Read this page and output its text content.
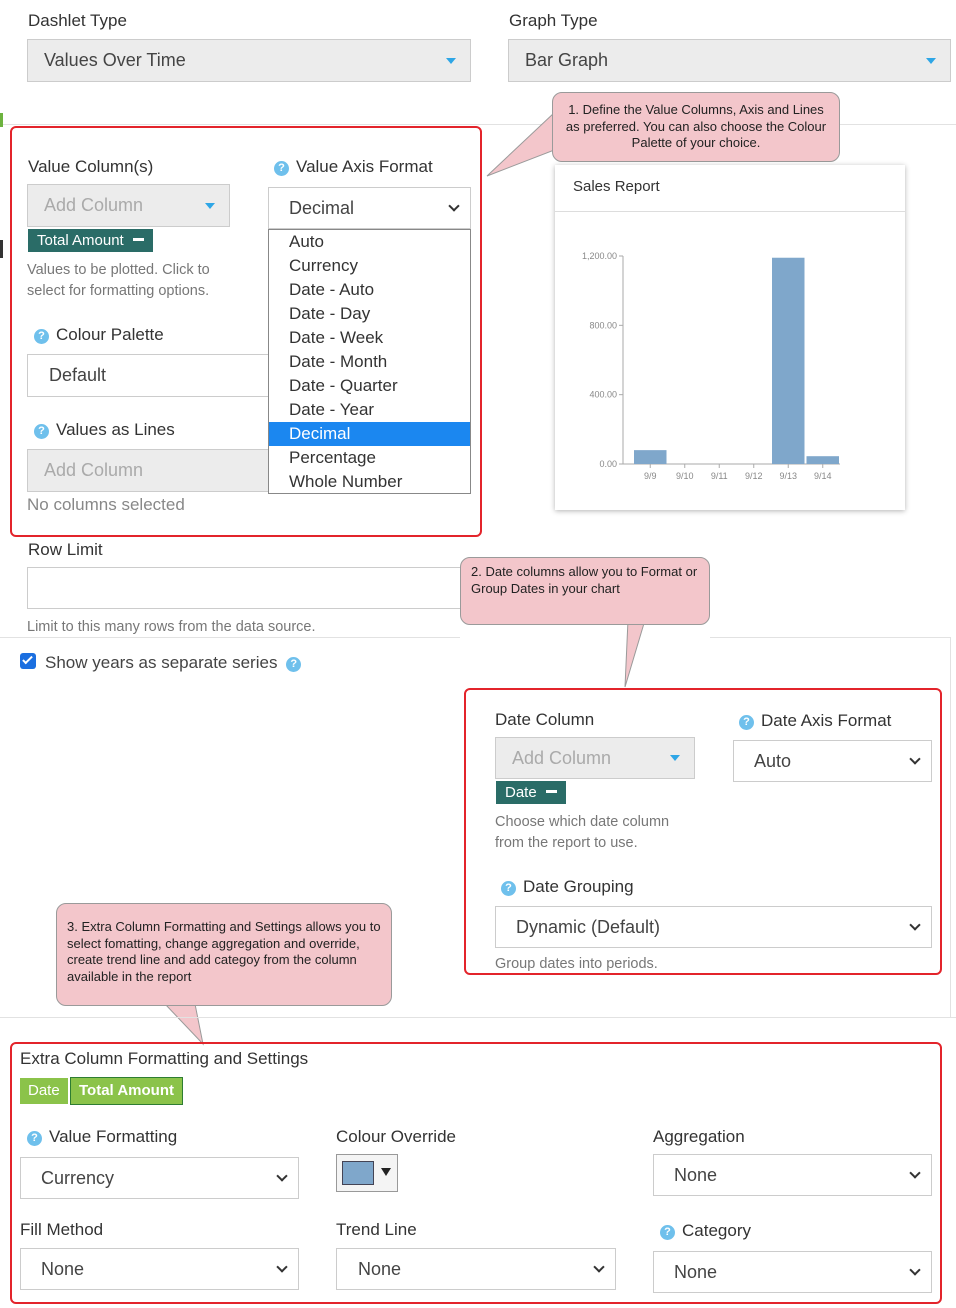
Dashlet Type
Values Over Time
Graph Type
Bar Graph
Value Column(s)
Add Column
Total Amount
Values to be plotted. Click to select for formatting options.
? Value Axis Format
Decimal
? Colour Palette
Default
? Values as Lines
Add Column
No columns selected
Auto
Currency
Date - Auto
Date - Day
Date - Week
Date - Month
Date - Quarter
Date - Year
Decimal
Percentage
Whole Number
1. Define the Value Columns, Axis and Lines as preferred. You can also choose the Colour Palette of your choice.
Sales Report
0.00
400.00
800.00
1,200.00
9/9 9/10 9/11 9/12 9/13 9/14
Row Limit
Limit to this many rows from the data source.
2. Date columns allow you to Format or Group Dates in your chart
Show years as separate series ?
Date Column
Add Column
Date
Choose which date column from the report to use.
? Date Axis Format
Auto
? Date Grouping
Dynamic (Default)
Group dates into periods.
3. Extra Column Formatting and Settings allows you to select fomatting, change aggregation and override, create trend line and add categoy from the column available in the report
Extra Column Formatting and Settings
Date	Total Amount
? Value Formatting
Currency
Colour Override	Aggregation
None
Fill Method
None
Trend Line
None
? Category
None
